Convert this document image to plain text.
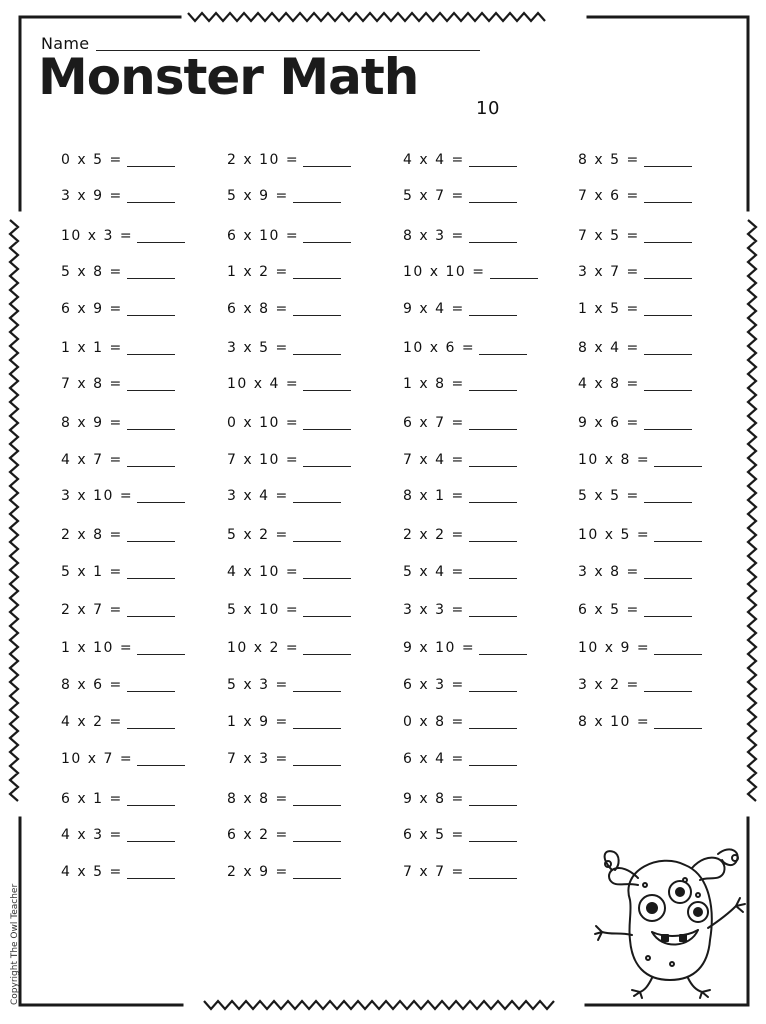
Name
Monster Math
10
0 x 5 =
3 x 9 =
10 x 3 =
5 x 8 =
6 x 9 =
1 x 1 =
7 x 8 =
8 x 9 =
4 x 7 =
3 x 10 =
2 x 8 =
5 x 1 =
2 x 7 =
1 x 10 =
8 x 6 =
4 x 2 =
10 x 7 =
6 x 1 =
4 x 3 =
4 x 5 =
2 x 10 =
5 x 9 =
6 x 10 =
1 x 2 =
6 x 8 =
3 x 5 =
10 x 4 =
0 x 10 =
7 x 10 =
3 x 4 =
5 x 2 =
4 x 10 =
5 x 10 =
10 x 2 =
5 x 3 =
1 x 9 =
7 x 3 =
8 x 8 =
6 x 2 =
2 x 9 =
4 x 4 =
5 x 7 =
8 x 3 =
10 x 10 =
9 x 4 =
10 x 6 =
1 x 8 =
6 x 7 =
7 x 4 =
8 x 1 =
2 x 2 =
5 x 4 =
3 x 3 =
9 x 10 =
6 x 3 =
0 x 8 =
6 x 4 =
9 x 8 =
6 x 5 =
7 x 7 =
8 x 5 =
7 x 6 =
7 x 5 =
3 x 7 =
1 x 5 =
8 x 4 =
4 x 8 =
9 x 6 =
10 x 8 =
5 x 5 =
10 x 5 =
3 x 8 =
6 x 5 =
10 x 9 =
3 x 2 =
8 x 10 =
Copyright The Owl Teacher
